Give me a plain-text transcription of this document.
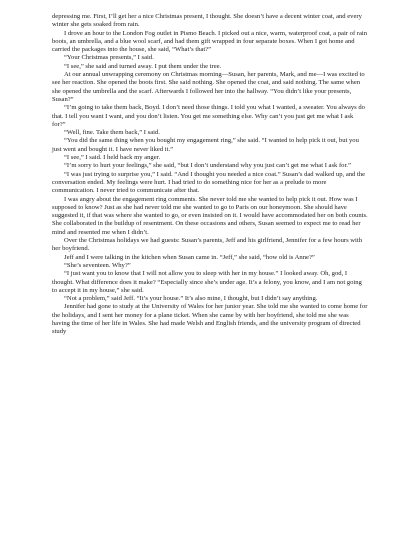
depressing me. First, I’ll get her a nice Christmas present, I thought. She doesn’t have a decent winter coat, and every winter she gets soaked from rain.

I drove an hour to the London Fog outlet in Pismo Beach. I picked out a nice, warm, waterproof coat, a pair of rain boots, an umbrella, and a blue wool scarf, and had them gift wrapped in four separate boxes. When I got home and carried the packages into the house, she said, “What’s that?”

“Your Christmas presents,” I said.

“I see,” she said and turned away. I put them under the tree.

At our annual unwrapping ceremony on Christmas morning—Susan, her parents, Mark, and me—I was excited to see her reaction. She opened the boots first. She said nothing. She opened the coat, and said nothing. The same when she opened the umbrella and the scarf. Afterwards I followed her into the hallway. “You didn’t like your presents, Susan?”

“I’m going to take them back, Boyd. I don’t need those things. I told you what I wanted, a sweater. You always do that. I tell you want I want, and you don’t listen. You get me something else. Why can’t you just get me what I ask for?”

“Well, fine. Take them back,” I said.

“You did the same thing when you bought my engagement ring,” she said. “I wanted to help pick it out, but you just went and bought it. I have never liked it.”

“I see,” I said. I held back my anger.

“I’m sorry to hurt your feelings,” she said, “but I don’t understand why you just can’t get me what I ask for.”

“I was just trying to surprise you,” I said. “And I thought you needed a nice coat.” Susan’s dad walked up, and the conversation ended. My feelings were hurt. I had tried to do something nice for her as a prelude to more communication. I never tried to communicate after that.

I was angry about the engagement ring comments. She never told me she wanted to help pick it out. How was I supposed to know? Just as she had never told me she wanted to go to Paris on our honeymoon. She should have suggested it, if that was where she wanted to go, or even insisted on it. I would have accommodated her on both counts. She collaborated in the buildup of resentment. On these occasions and others, Susan seemed to expect me to read her mind and resented me when I didn’t.

Over the Christmas holidays we had guests: Susan’s parents, Jeff and his girlfriend, Jennifer for a few hours with her boyfriend.

Jeff and I were talking in the kitchen when Susan came in. “Jeff,” she said, “how old is Anne?”

“She’s seventeen. Why?”

“I just want you to know that I will not allow you to sleep with her in my house.” I looked away. Oh, god, I thought. What difference does it make? “Especially since she’s under age. It’s a felony, you know, and I am not going to accept it in my house,” she said.

“Not a problem,” said Jeff. “It’s your house.” It’s also mine, I thought, but I didn’t say anything.

Jennifer had gone to study at the University of Wales for her junior year. She told me she wanted to come home for the holidays, and I sent her money for a plane ticket. When she came by with her boyfriend, she told me she was having the time of her life in Wales. She had made Welsh and English friends, and the university program of directed study
